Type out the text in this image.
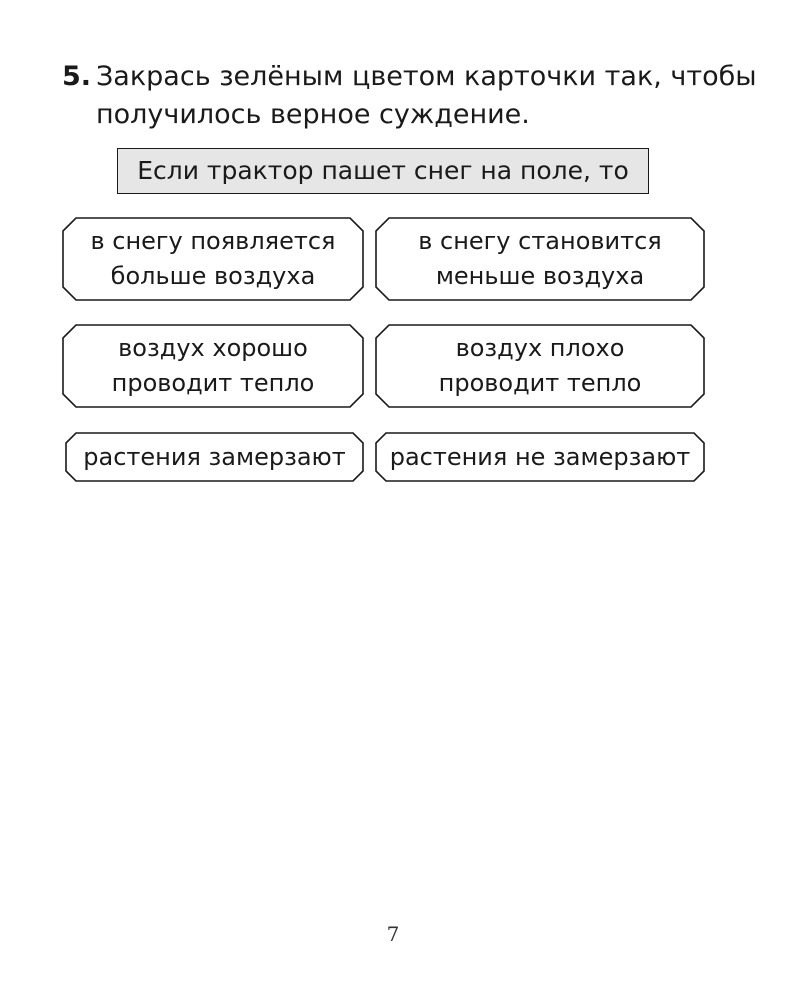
5. Закрась зелёным цветом карточки так, чтобы
получилось верное суждение.
Если трактор пашет снег на поле, то
в снегу появляется
больше воздуха
в снегу становится
меньше воздуха
воздух хорошо
проводит тепло
воздух плохо
проводит тепло
растения замерзают растения не замерзают
7
